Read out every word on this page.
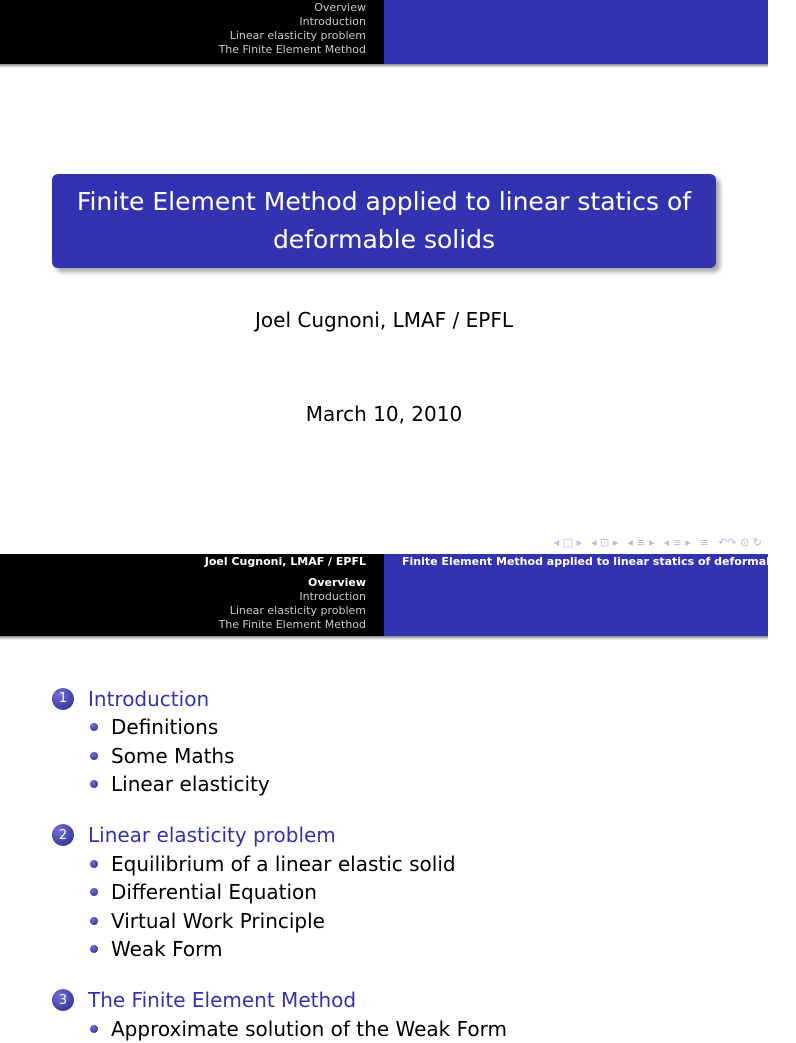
Overview
Introduction
Linear elasticity problem
The Finite Element Method
Finite Element Method applied to linear statics of deformable solids
Joel Cugnoni, LMAF / EPFL
March 10, 2010
◂ □ ▸ ◂ ⊡ ▸ ◂ ≡ ▸ ◂ ≡ ▸ ≡ ↶↷ ⊙ ↻
Joel Cugnoni, LMAF / EPFL
Overview
Introduction
Linear elasticity problem
The Finite Element Method
Finite Element Method applied to linear statics of deformable s
1	Introduction
Definitions
Some Maths
Linear elasticity
2	Linear elasticity problem
Equilibrium of a linear elastic solid
Differential Equation
Virtual Work Principle
Weak Form
3	The Finite Element Method
Approximate solution of the Weak Form
